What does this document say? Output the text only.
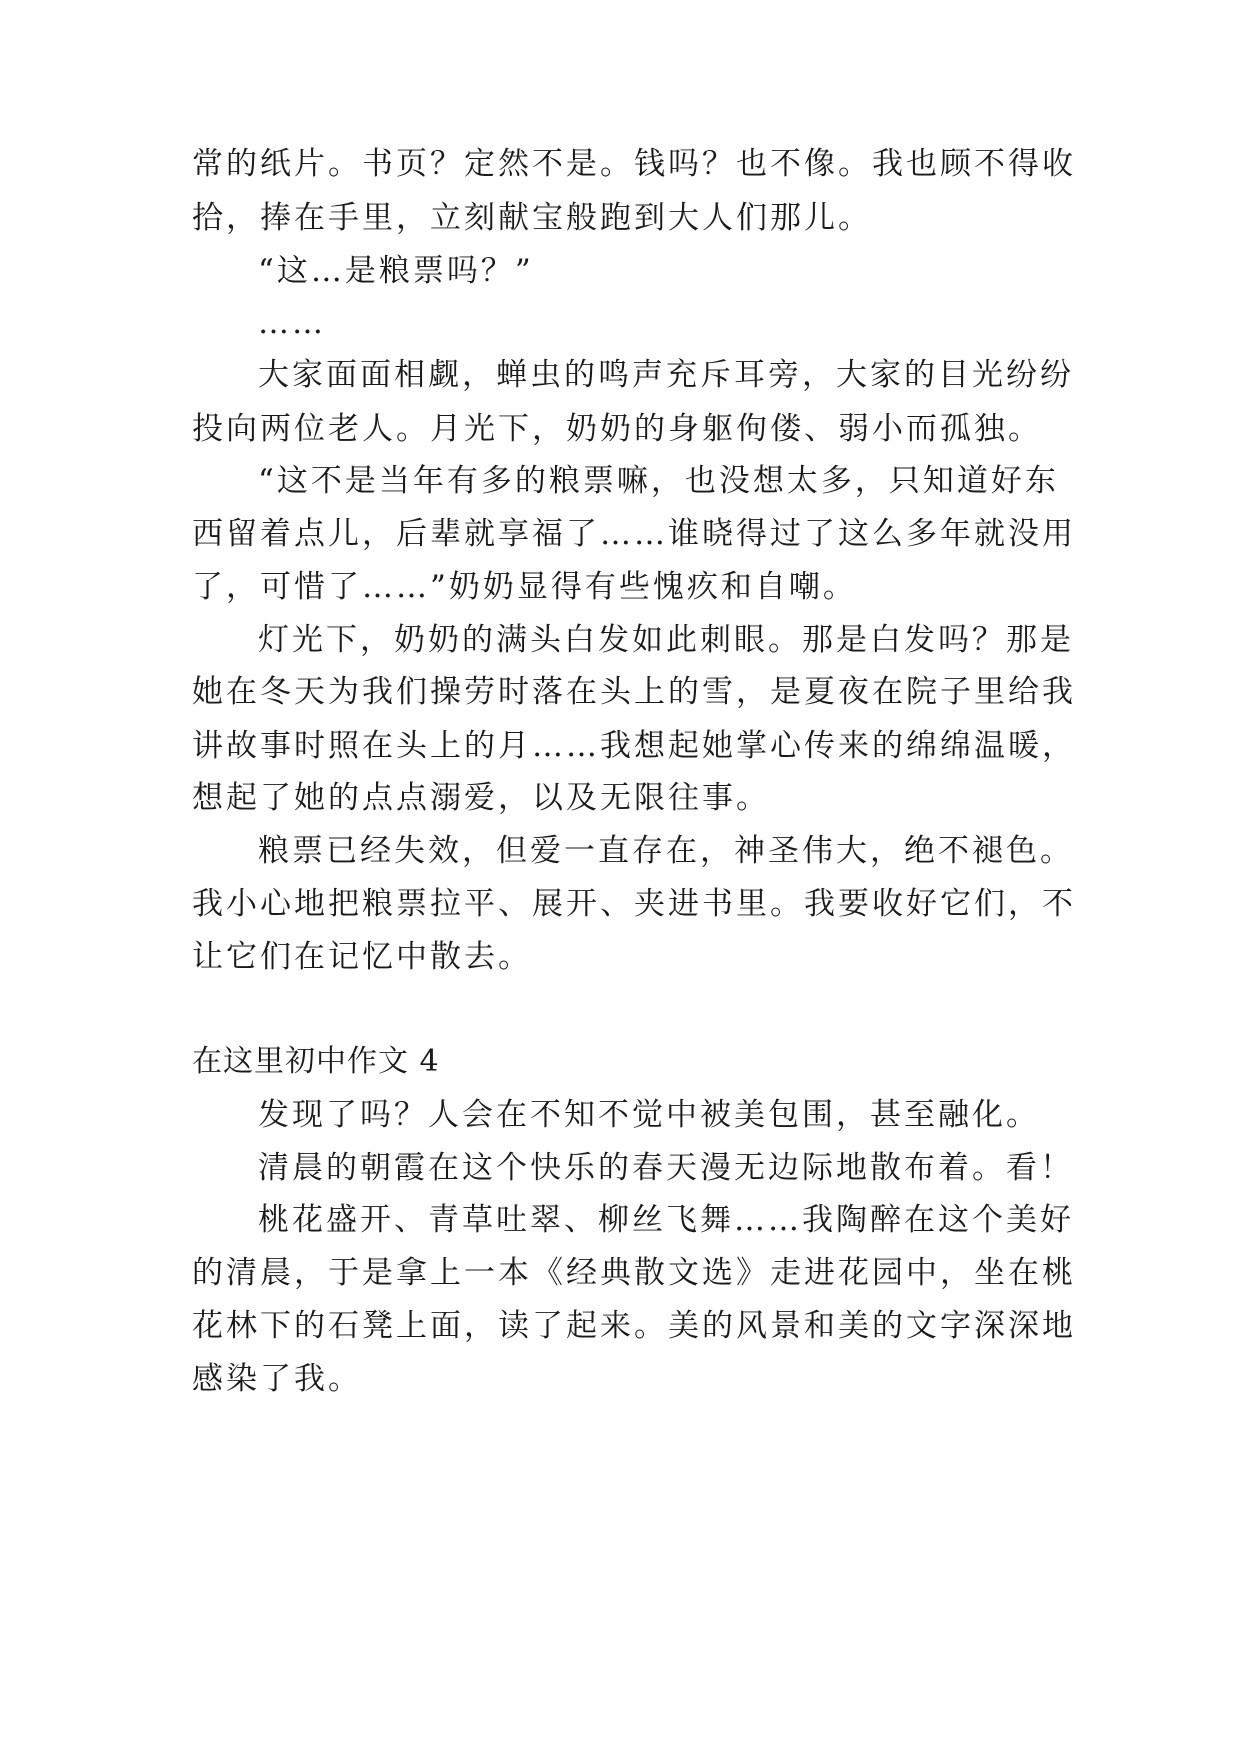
常的纸片。书页？定然不是。钱吗？也不像。我也顾不得收
拾，捧在手里，立刻献宝般跑到大人们那儿。
“这…是粮票吗？”
……
大家面面相觑，蝉虫的鸣声充斥耳旁，大家的目光纷纷
投向两位老人。月光下，奶奶的身躯佝偻、弱小而孤独。
“这不是当年有多的粮票嘛，也没想太多，只知道好东
西留着点儿，后辈就享福了……谁晓得过了这么多年就没用
了，可惜了……”奶奶显得有些愧疚和自嘲。
灯光下，奶奶的满头白发如此刺眼。那是白发吗？那是
她在冬天为我们操劳时落在头上的雪，是夏夜在院子里给我
讲故事时照在头上的月……我想起她掌心传来的绵绵温暖，
想起了她的点点溺爱，以及无限往事。
粮票已经失效，但爱一直存在，神圣伟大，绝不褪色。
我小心地把粮票拉平、展开、夹进书里。我要收好它们，不
让它们在记忆中散去。
在这里初中作文 4
发现了吗？人会在不知不觉中被美包围，甚至融化。
清晨的朝霞在这个快乐的春天漫无边际地散布着。看！
桃花盛开、青草吐翠、柳丝飞舞……我陶醉在这个美好
的清晨，于是拿上一本《经典散文选》走进花园中，坐在桃
花林下的石凳上面，读了起来。美的风景和美的文字深深地
感染了我。
